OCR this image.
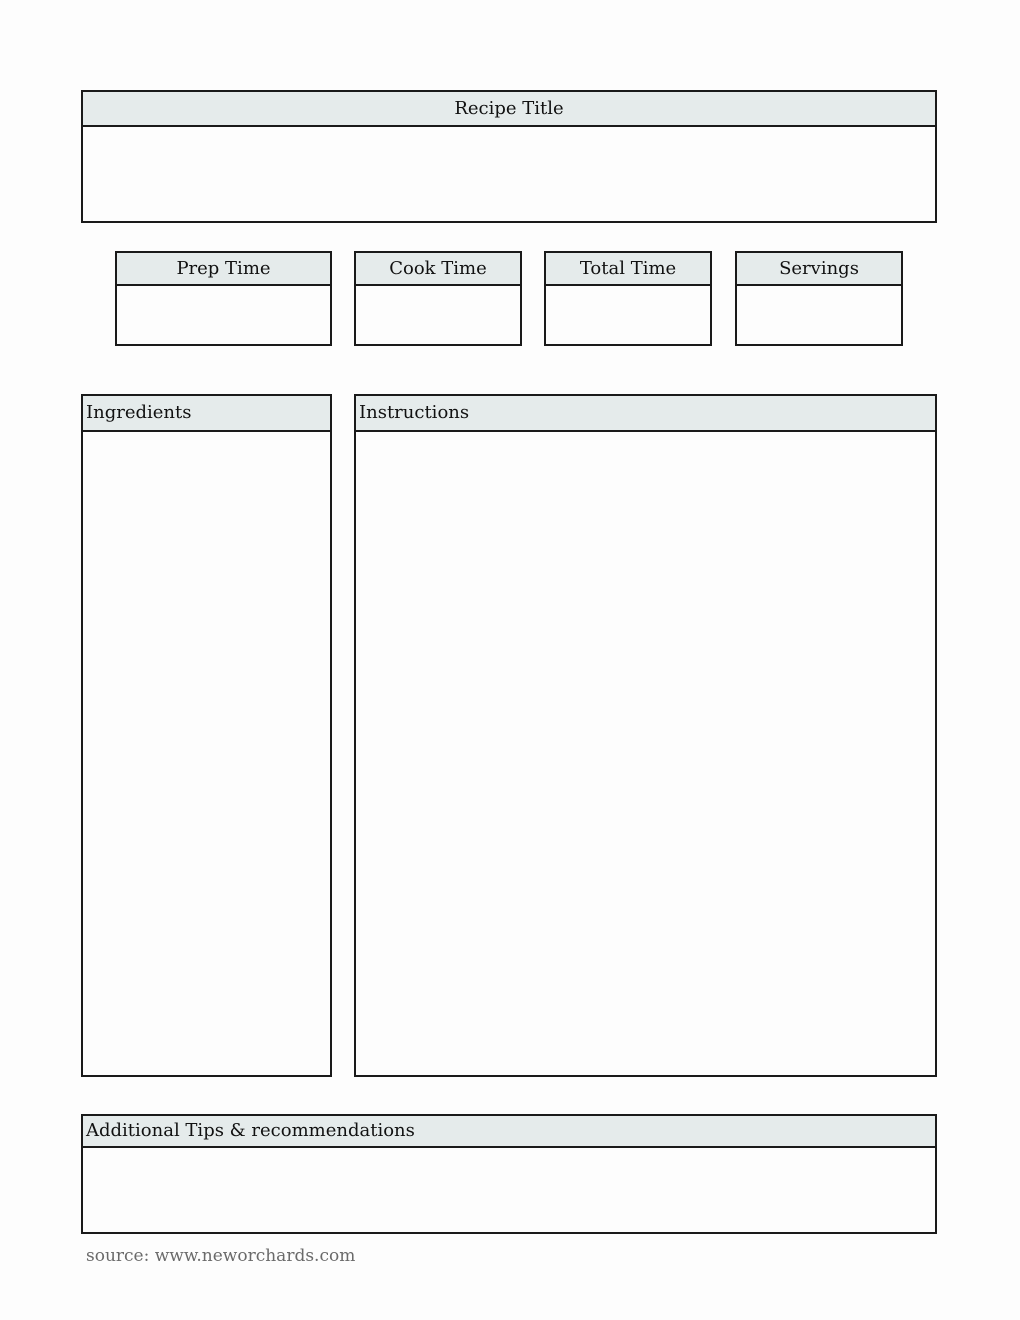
Recipe Title
Prep Time	Cook Time	Total Time	Servings
Ingredients	Instructions
Additional Tips & recommendations
source: www.neworchards.com
